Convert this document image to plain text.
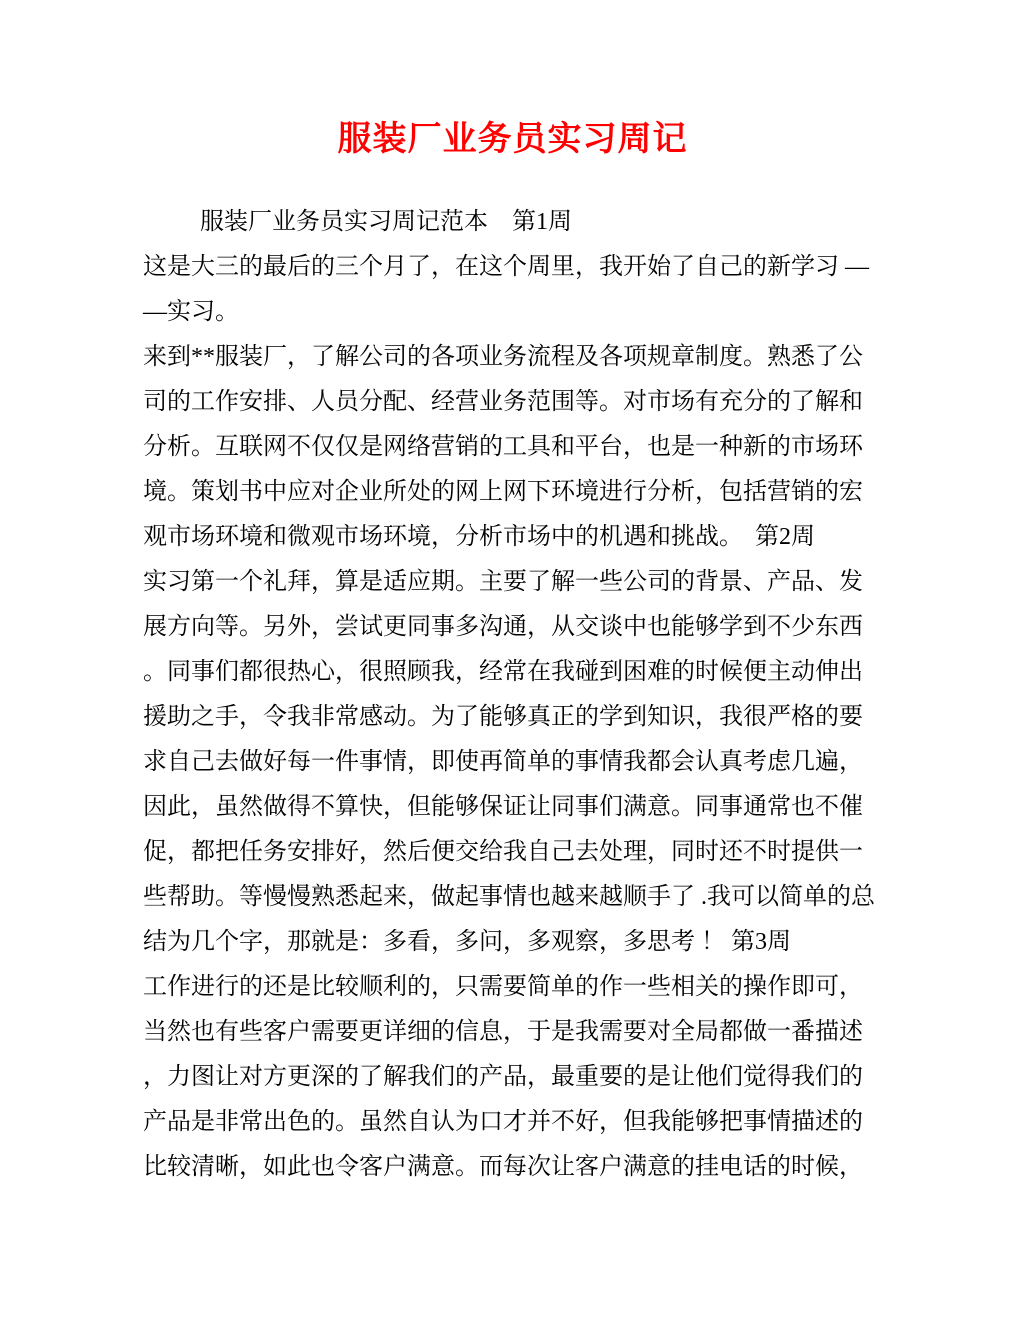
服装厂业务员实习周记
服装厂业务员实习周记范本　第1周
这是大三的最后的三个月了，在这个周里，我开始了自己的新学习 —
—实习。
来到**服装厂，了解公司的各项业务流程及各项规章制度。熟悉了公
司的工作安排、人员分配、经营业务范围等。对市场有充分的了解和
分析。互联网不仅仅是网络营销的工具和平台，也是一种新的市场环
境。策划书中应对企业所处的网上网下环境进行分析，包括营销的宏
观市场环境和微观市场环境，分析市场中的机遇和挑战。　第2周
实习第一个礼拜，算是适应期。主要了解一些公司的背景、产品、发
展方向等。另外，尝试更同事多沟通，从交谈中也能够学到不少东西
。同事们都很热心，很照顾我，经常在我碰到困难的时候便主动伸出
援助之手，令我非常感动。为了能够真正的学到知识，我很严格的要
求自己去做好每一件事情，即使再简单的事情我都会认真考虑几遍，
因此，虽然做得不算快，但能够保证让同事们满意。同事通常也不催
促，都把任务安排好，然后便交给我自己去处理，同时还不时提供一
些帮助。等慢慢熟悉起来，做起事情也越来越顺手了 .我可以简单的总
结为几个字，那就是：多看，多问，多观察，多思考 ！ 第3周
工作进行的还是比较顺利的，只需要简单的作一些相关的操作即可，
当然也有些客户需要更详细的信息，于是我需要对全局都做一番描述
，力图让对方更深的了解我们的产品，最重要的是让他们觉得我们的
产品是非常出色的。虽然自认为口才并不好，但我能够把事情描述的
比较清晰，如此也令客户满意。而每次让客户满意的挂电话的时候，
